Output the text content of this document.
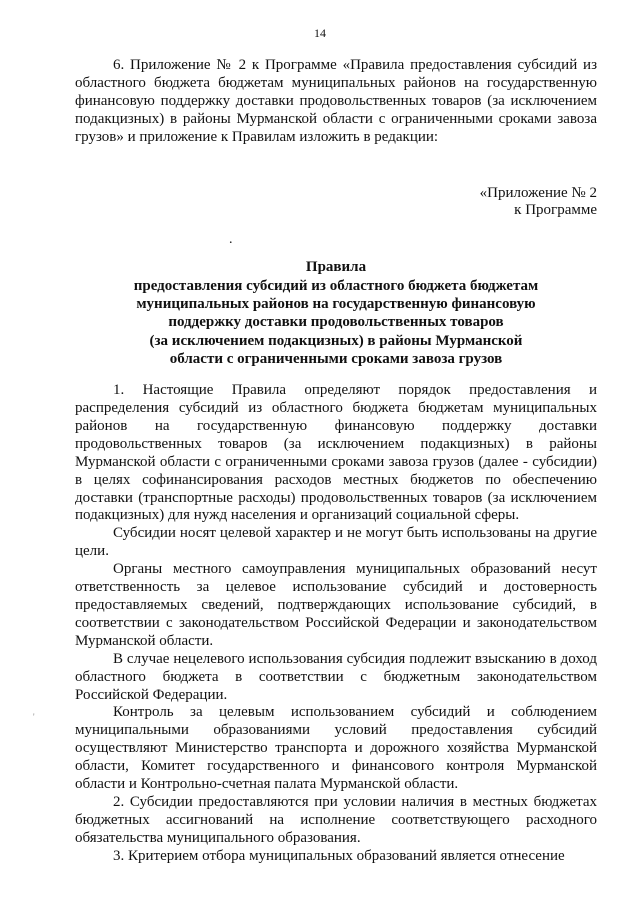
14
.
'

6. Приложение № 2 к Программе «Правила предоставления субсидий из областного бюджета бюджетам муниципальных районов на государственную финансовую поддержку доставки продовольственных товаров (за исключением подакцизных) в районы Мурманской области с ограниченными сроками завоза грузов» и приложение к Правилам изложить в редакции:

«Приложение № 2
к Программе
Правила
предоставления субсидий из областного бюджета бюджетам
муниципальных районов на государственную финансовую
поддержку доставки продовольственных товаров
(за исключением подакцизных) в районы Мурманской
области с ограниченными сроками завоза грузов

1. Настоящие Правила определяют порядок предоставления и распределения субсидий из областного бюджета бюджетам муниципальных районов на государственную финансовую поддержку доставки продовольственных товаров (за исключением подакцизных) в районы Мурманской области с ограниченными сроками завоза грузов (далее - субсидии) в целях софинансирования расходов местных бюджетов по обеспечению доставки (транспортные расходы) продовольственных товаров (за исключением подакцизных) для нужд населения и организаций социальной сферы.

Субсидии носят целевой характер и не могут быть использованы на другие цели.

Органы местного самоуправления муниципальных образований несут ответственность за целевое использование субсидий и достоверность предоставляемых сведений, подтверждающих использование субсидий, в соответствии с законодательством Российской Федерации и законодательством Мурманской области.

В случае нецелевого использования субсидия подлежит взысканию в доход областного бюджета в соответствии с бюджетным законодательством Российской Федерации.

Контроль за целевым использованием субсидий и соблюдением муниципальными образованиями условий предоставления субсидий осуществляют Министерство транспорта и дорожного хозяйства Мурманской области, Комитет государственного и финансового контроля Мурманской области и Контрольно-счетная палата Мурманской области.

2. Субсидии предоставляются при условии наличия в местных бюджетах бюджетных ассигнований на исполнение соответствующего расходного обязательства муниципального образования.

3. Критерием отбора муниципальных образований является отнесение
